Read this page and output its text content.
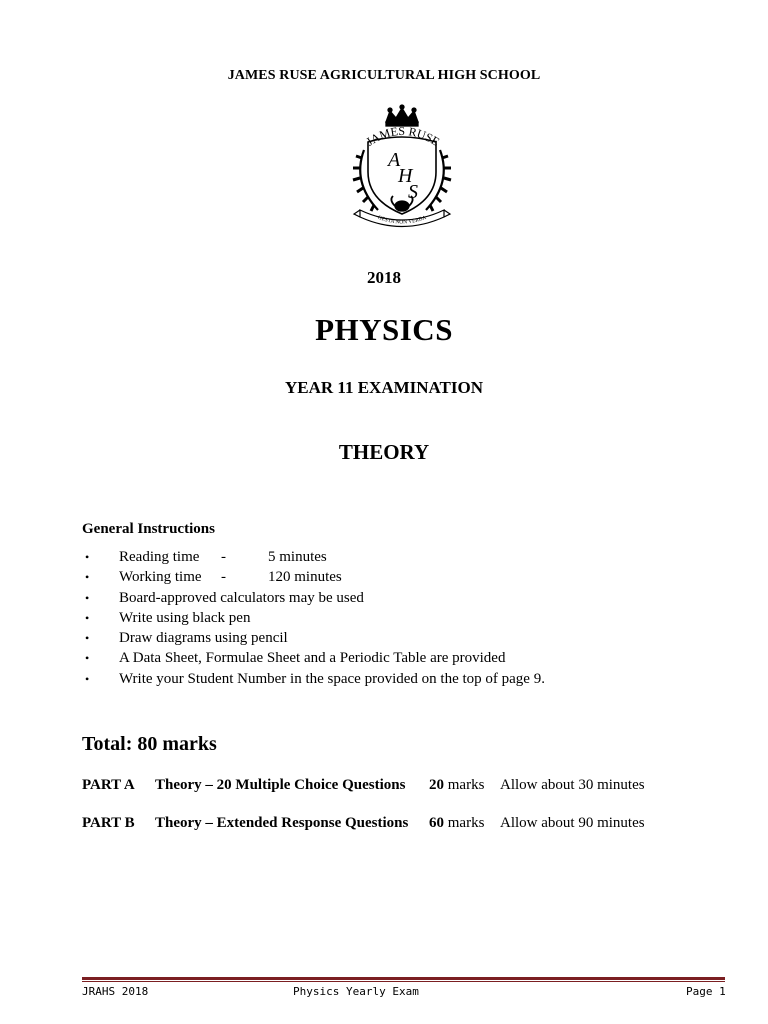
JAMES RUSE AGRICULTURAL HIGH SCHOOL
JAMES RUSE
GESTA NON VERBA
A
H
S
2018
PHYSICS
YEAR 11 EXAMINATION
THEORY
General Instructions
• Reading time -	5 minutes
• Working time -	120 minutes
• Board-approved calculators may be used
• Write using black pen
• Draw diagrams using pencil
• A Data Sheet, Formulae Sheet and a Periodic Table are provided
• Write your Student Number in the space provided on the top of page 9.
Total: 80 marks
PART A Theory – 20 Multiple Choice Questions 20 marks Allow about 30 minutes
PART B Theory – Extended Response Questions 60 marks Allow about 90 minutes
JRAHS 2018	Physics Yearly Exam	Page 1
